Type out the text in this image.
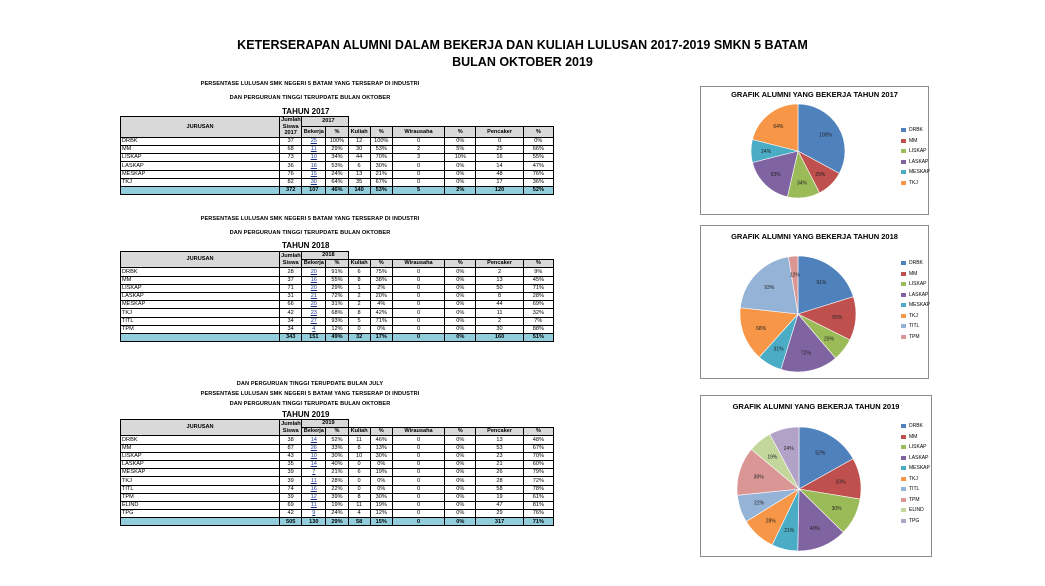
KETERSERAPAN ALUMNI DALAM BEKERJA DAN KULIAH LULUSAN 2017-2019 SMKN 5 BATAM
BULAN OKTOBER 2019
PERSENTASE LULUSAN SMK NEGERI 5 BATAM YANG TERSERAP DI INDUSTRI
DAN PERGURUAN TINGGI TERUPDATE BULAN OKTOBER
TAHUN 2017
JURUSAN	Jumlah
Siswa
2017	2017							
		Bekerja	%	Kuliah	%	Wirausaha	%	Pencaker	%
DRBK	37	25	100%	12	100%	0	0%	0	0%
MM	68	11	29%	30	53%	2	5%	25	66%
LISKAP	73	10	34%	44	70%	3	10%	16	55%
LASKAP	36	16	53%	6	30%	0	0%	14	47%
MESKAP	76	15	24%	13	21%	0	0%	48	76%
TKJ	82	30	64%	35	67%	0	0%	17	36%
	372	107	46%	140	53%	5	2%	120	52%
PERSENTASE LULUSAN SMK NEGERI 5 BATAM YANG TERSERAP DI INDUSTRI
DAN PERGURUAN TINGGI TERUPDATE BULAN OKTOBER
TAHUN 2018
JURUSAN	Jumlah
Siswa	2018							
		Bekerja	%	Kuliah	%	Wirausaha	%	Pencaker	%
DRBK	28	20	91%	6	75%	0	0%	2	9%
MM	37	16	55%	8	38%	0	0%	13	45%
LISKAP	71	20	29%	1	2%	0	0%	50	71%
LASKAP	31	21	72%	2	20%	0	0%	8	28%
MESKAP	66	20	31%	2	4%	0	0%	44	69%
TKJ	42	23	68%	8	42%	0	0%	11	32%
TITL	34	27	93%	5	71%	0	0%	2	7%
TPM	34	4	12%	0	0%	0	0%	30	88%
	343	151	49%	32	17%	0	0%	160	51%
DAN PERGURUAN TINGGI TERUPDATE BULAN JULY
PERSENTASE LULUSAN SMK NEGERI 5 BATAM YANG TERSERAP DI INDUSTRI
DAN PERGURUAN TINGGI TERUPDATE BULAN OKTOBER
TAHUN 2019
JURUSAN	Jumlah
Siswa	2019							
		Bekerja	%	Kuliah	%	Wirausaha	%	Pencaker	%
DRBK	38	14	52%	11	46%	0	0%	13	48%
MM	87	26	33%	8	13%	0	0%	53	67%
LISKAP	43	10	30%	10	30%	0	0%	23	70%
LASKAP	35	14	40%	0	0%	0	0%	21	60%
MESKAP	39	7	21%	6	19%	0	0%	26	79%
TKJ	39	11	28%	0	0%	0	0%	28	72%
TITL	74	16	22%	0	0%	0	0%	58	78%
TPM	39	12	39%	8	30%	0	0%	19	61%
ELIND	69	11	19%	11	19%	0	0%	47	81%
TPG	42	9	24%	4	12%	0	0%	29	76%
	505	130	29%	58	15%	0	0%	317	71%
GRAFIK ALUMNI YANG BEKERJA TAHUN 2017
100%
29%
34%
53%
24%
64%
DRBK
MM
LISKAP
LASKAP
MESKAP
TKJ
GRAFIK ALUMNI YANG BEKERJA TAHUN 2018
91%
55%
29%
72%
31%
68%
93%
12%
DRBK
MM
LISKAP
LASKAP
MESKAP
TKJ
TITL
TPM
GRAFIK ALUMNI YANG BEKERJA TAHUN 2019
52%
33%
30%
40%
21%
28%
22%
39%
19%
24%
DRBK
MM
LISKAP
LASKAP
MESKAP
TKJ
TITL
TPM
ELIND
TPG
